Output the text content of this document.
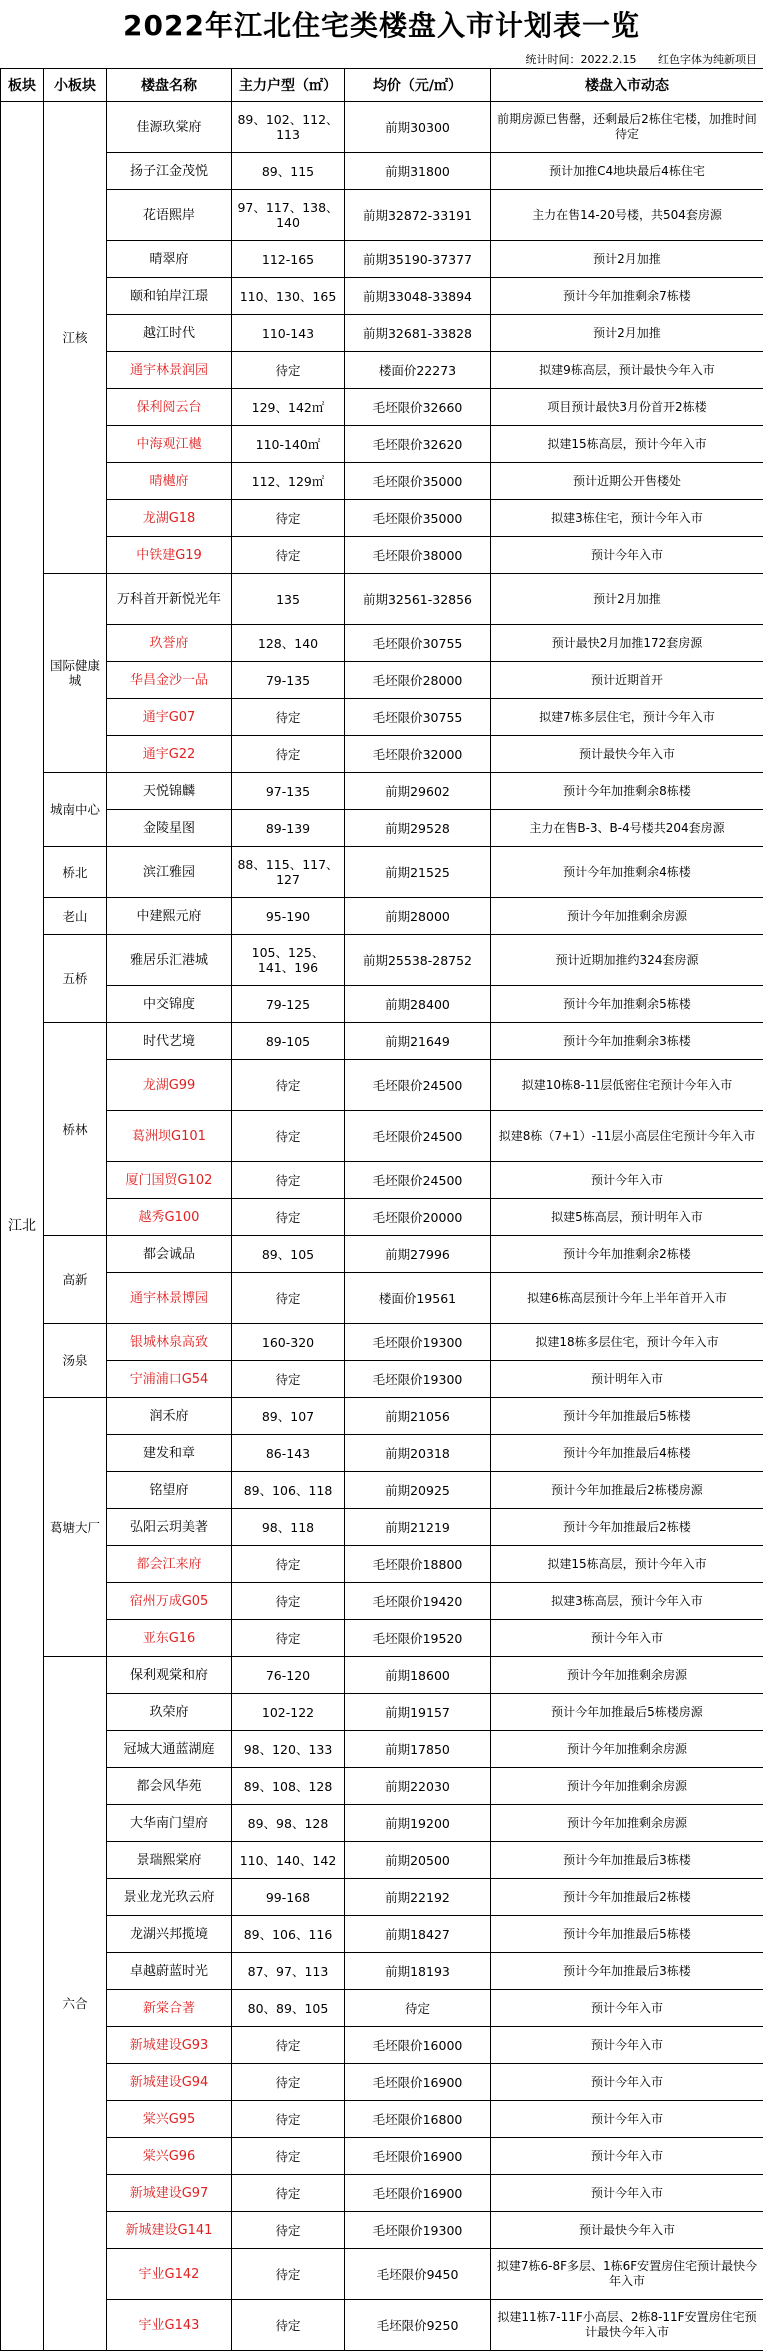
2022年江北住宅类楼盘入市计划表一览
统计时间：2022.2.15 红色字体为纯新项目
板块	小板块	楼盘名称	主力户型（㎡）	均价（元/㎡）	楼盘入市动态
江北	江核	佳源玖棠府	89、102、112、113	前期30300	前期房源已售罄，还剩最后2栋住宅楼，加推时间待定
		扬子江金茂悦	89、115	前期31800	预计加推C4地块最后4栋住宅
		花语熙岸	97、117、138、140	前期32872-33191	主力在售14-20号楼，共504套房源
		晴翠府	112-165	前期35190-37377	预计2月加推
		颐和铂岸江璟	110、130、165	前期33048-33894	预计今年加推剩余7栋楼
		越江时代	110-143	前期32681-33828	预计2月加推
		通宇林景润园	待定	楼面价22273	拟建9栋高层，预计最快今年入市
		保利阅云台	129、142㎡	毛坯限价32660	项目预计最快3月份首开2栋楼
		中海观江樾	110-140㎡	毛坯限价32620	拟建15栋高层，预计今年入市
		晴樾府	112、129㎡	毛坯限价35000	预计近期公开售楼处
		龙湖G18	待定	毛坯限价35000	拟建3栋住宅，预计今年入市
		中铁建G19	待定	毛坯限价38000	预计今年入市
	国际健康城	万科首开新悦光年	135	前期32561-32856	预计2月加推
		玖誉府	128、140	毛坯限价30755	预计最快2月加推172套房源
		华昌金沙一品	79-135	毛坯限价28000	预计近期首开
		通宇G07	待定	毛坯限价30755	拟建7栋多层住宅，预计今年入市
		通宇G22	待定	毛坯限价32000	预计最快今年入市
	城南中心	天悦锦麟	97-135	前期29602	预计今年加推剩余8栋楼
		金陵星图	89-139	前期29528	主力在售B-3、B-4号楼共204套房源
	桥北	滨江雅园	88、115、117、127	前期21525	预计今年加推剩余4栋楼
	老山	中建熙元府	95-190	前期28000	预计今年加推剩余房源
	五桥	雅居乐汇港城	105、125、141、196	前期25538-28752	预计近期加推约324套房源
		中交锦度	79-125	前期28400	预计今年加推剩余5栋楼
	桥林	时代艺境	89-105	前期21649	预计今年加推剩余3栋楼
		龙湖G99	待定	毛坯限价24500	拟建10栋8-11层低密住宅预计今年入市
		葛洲坝G101	待定	毛坯限价24500	拟建8栋（7+1）-11层小高层住宅预计今年入市
		厦门国贸G102	待定	毛坯限价24500	预计今年入市
		越秀G100	待定	毛坯限价20000	拟建5栋高层，预计明年入市
	高新	都会诚品	89、105	前期27996	预计今年加推剩余2栋楼
		通宇林景博园	待定	楼面价19561	拟建6栋高层预计今年上半年首开入市
	汤泉	银城林泉高致	160-320	毛坯限价19300	拟建18栋多层住宅，预计今年入市
		宁浦浦口G54	待定	毛坯限价19300	预计明年入市
	葛塘大厂	润禾府	89、107	前期21056	预计今年加推最后5栋楼
		建发和章	86-143	前期20318	预计今年加推最后4栋楼
		铭望府	89、106、118	前期20925	预计今年加推最后2栋楼房源
		弘阳云玥美著	98、118	前期21219	预计今年加推最后2栋楼
		都会江来府	待定	毛坯限价18800	拟建15栋高层，预计今年入市
		宿州万成G05	待定	毛坯限价19420	拟建3栋高层，预计今年入市
		亚东G16	待定	毛坯限价19520	预计今年入市
	六合	保利观棠和府	76-120	前期18600	预计今年加推剩余房源
		玖荣府	102-122	前期19157	预计今年加推最后5栋楼房源
		冠城大通蓝湖庭	98、120、133	前期17850	预计今年加推剩余房源
		都会风华苑	89、108、128	前期22030	预计今年加推剩余房源
		大华南门望府	89、98、128	前期19200	预计今年加推剩余房源
		景瑞熙棠府	110、140、142	前期20500	预计今年加推最后3栋楼
		景业龙光玖云府	99-168	前期22192	预计今年加推最后2栋楼
		龙湖兴邦揽境	89、106、116	前期18427	预计今年加推最后5栋楼
		卓越蔚蓝时光	87、97、113	前期18193	预计今年加推最后3栋楼
		新棠合著	80、89、105	待定	预计今年入市
		新城建设G93	待定	毛坯限价16000	预计今年入市
		新城建设G94	待定	毛坯限价16900	预计今年入市
		棠兴G95	待定	毛坯限价16800	预计今年入市
		棠兴G96	待定	毛坯限价16900	预计今年入市
		新城建设G97	待定	毛坯限价16900	预计今年入市
		新城建设G141	待定	毛坯限价19300	预计最快今年入市
		宇业G142	待定	毛坯限价9450	拟建7栋6-8F多层、1栋6F安置房住宅预计最快今年入市
		宇业G143	待定	毛坯限价9250	拟建11栋7-11F小高层、2栋8-11F安置房住宅预计最快今年入市
